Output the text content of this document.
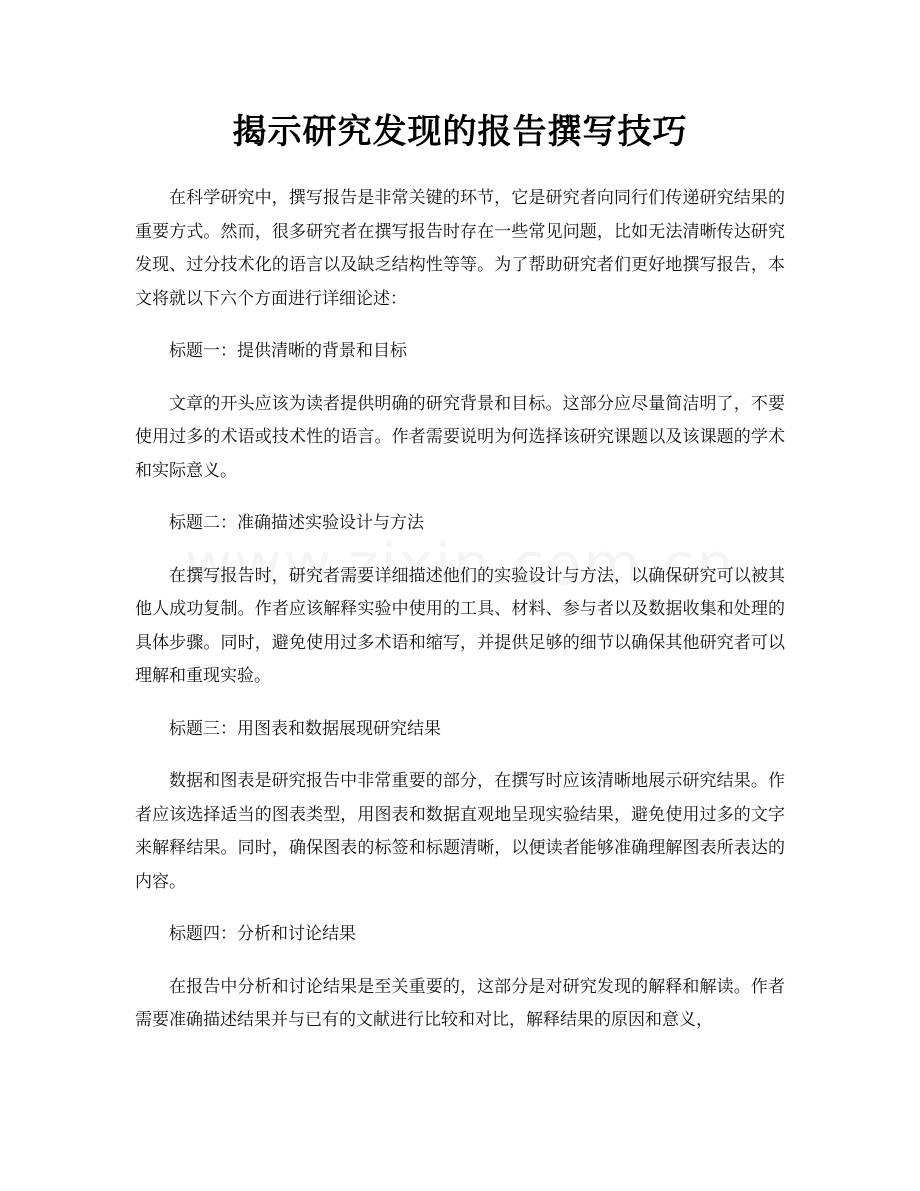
揭示研究发现的报告撰写技巧

在科学研究中，撰写报告是非常关键的环节，它是研究者向同行们传递研究结果的重要方式。然而，很多研究者在撰写报告时存在一些常见问题，比如无法清晰传达研究发现、过分技术化的语言以及缺乏结构性等等。为了帮助研究者们更好地撰写报告，本文将就以下六个方面进行详细论述：

标题一：提供清晰的背景和目标

文章的开头应该为读者提供明确的研究背景和目标。这部分应尽量简洁明了，不要使用过多的术语或技术性的语言。作者需要说明为何选择该研究课题以及该课题的学术和实际意义。

标题二：准确描述实验设计与方法

在撰写报告时，研究者需要详细描述他们的实验设计与方法，以确保研究可以被其他人成功复制。作者应该解释实验中使用的工具、材料、参与者以及数据收集和处理的具体步骤。同时，避免使用过多术语和缩写，并提供足够的细节以确保其他研究者可以理解和重现实验。

标题三：用图表和数据展现研究结果

数据和图表是研究报告中非常重要的部分，在撰写时应该清晰地展示研究结果。作者应该选择适当的图表类型，用图表和数据直观地呈现实验结果，避免使用过多的文字来解释结果。同时，确保图表的标签和标题清晰，以便读者能够准确理解图表所表达的内容。

标题四：分析和讨论结果

在报告中分析和讨论结果是至关重要的，这部分是对研究发现的解释和解读。作者需要准确描述结果并与已有的文献进行比较和对比，解释结果的原因和意义，
